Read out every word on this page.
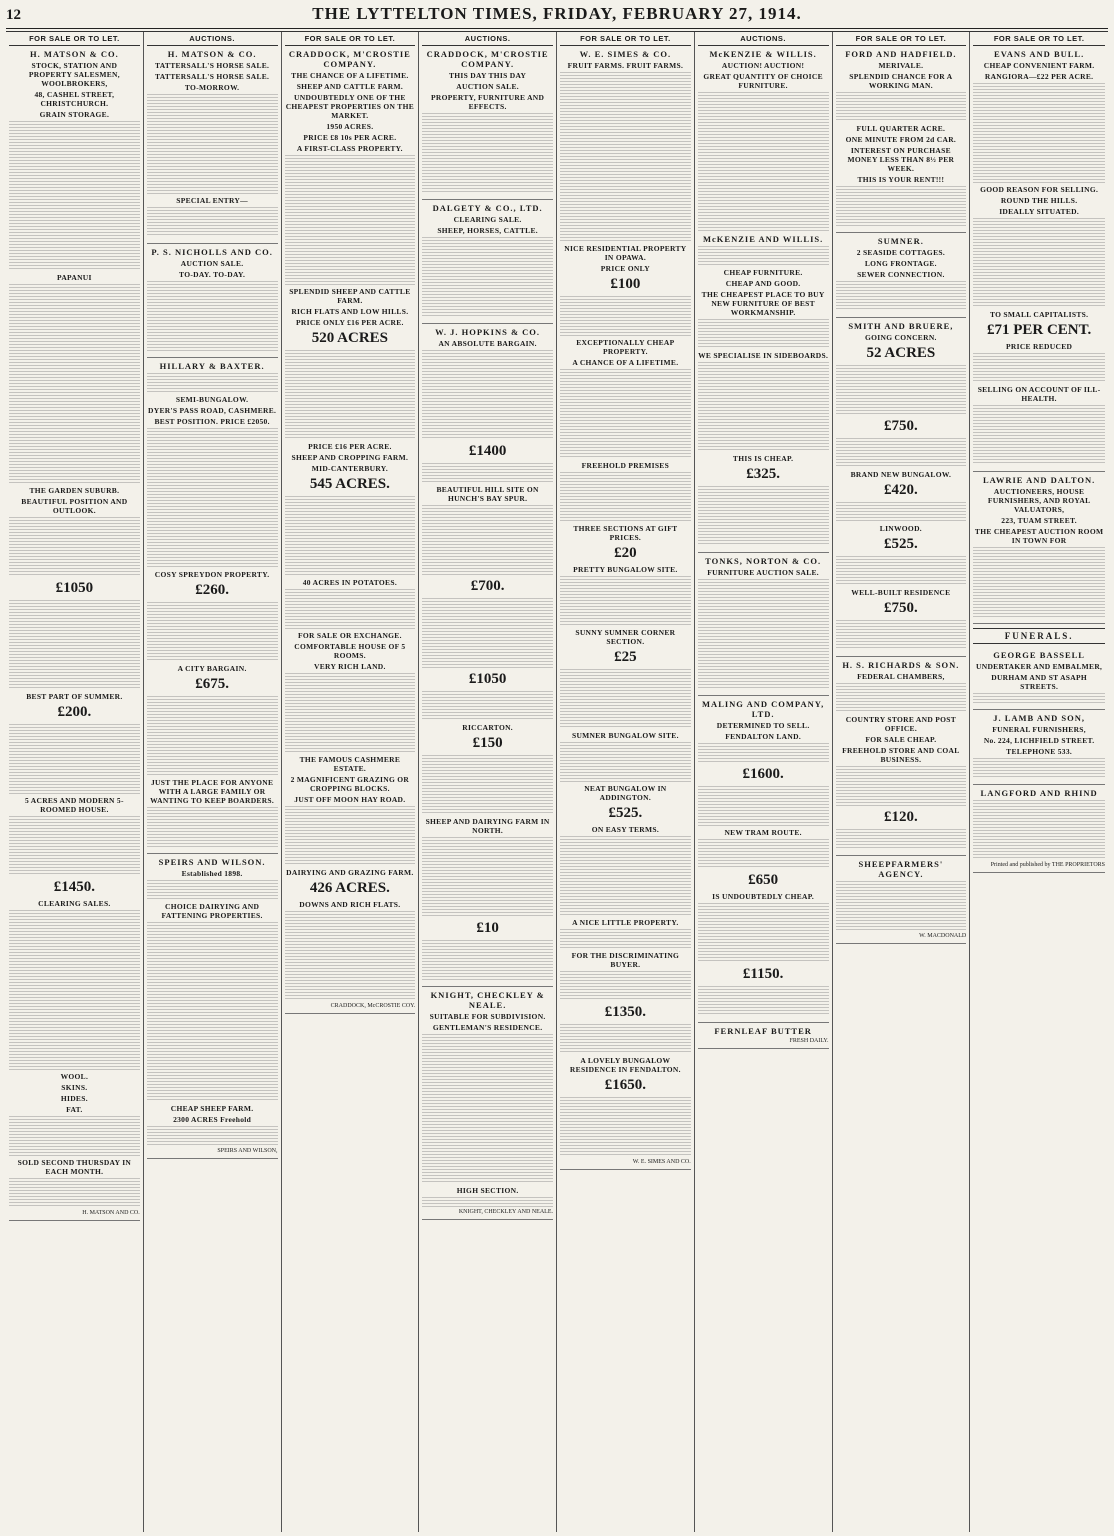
12	THE LYTTELTON TIMES, FRIDAY, FEBRUARY 27, 1914.
FOR SALE OR TO LET.
H. MATSON & CO.
STOCK, STATION AND PROPERTY SALESMEN, WOOLBROKERS,
48, CASHEL STREET, CHRISTCHURCH.
GRAIN STORAGE.
PAPANUI
THE GARDEN SUBURB.
BEAUTIFUL POSITION AND OUTLOOK.
£1050
BEST PART OF SUMMER.
£200.
5 ACRES AND MODERN 5-ROOMED HOUSE.
£1450.
CLEARING SALES.
WOOL.
SKINS.
HIDES.
FAT.
SOLD SECOND THURSDAY IN EACH MONTH.
H. MATSON AND CO.
AUCTIONS.
H. MATSON & CO.
TATTERSALL'S HORSE SALE.
TATTERSALL'S HORSE SALE.
TO-MORROW.
SPECIAL ENTRY—
P. S. NICHOLLS AND CO.
AUCTION SALE.
TO-DAY. TO-DAY.
HILLARY & BAXTER.
SEMI-BUNGALOW.
DYER'S PASS ROAD, CASHMERE.
BEST POSITION. PRICE £2050.
COSY SPREYDON PROPERTY.
£260.
A CITY BARGAIN.
£675.
JUST THE PLACE FOR ANYONE WITH A LARGE FAMILY OR WANTING TO KEEP BOARDERS.
SPEIRS AND WILSON.
Established 1898.
CHOICE DAIRYING AND FATTENING PROPERTIES.
CHEAP SHEEP FARM.
2300 ACRES Freehold
SPEIRS AND WILSON,
FOR SALE OR TO LET.
CRADDOCK, M'CROSTIE COMPANY.
THE CHANCE OF A LIFETIME.
SHEEP AND CATTLE FARM.
UNDOUBTEDLY ONE OF THE CHEAPEST PROPERTIES ON THE MARKET.
1950 ACRES.
PRICE £8 10s PER ACRE.
A FIRST-CLASS PROPERTY.
SPLENDID SHEEP AND CATTLE FARM.
RICH FLATS AND LOW HILLS.
PRICE ONLY £16 PER ACRE.
520 ACRES
PRICE £16 PER ACRE.
SHEEP AND CROPPING FARM.
MID-CANTERBURY.
545 ACRES.
40 ACRES IN POTATOES.
FOR SALE OR EXCHANGE.
COMFORTABLE HOUSE OF 5 ROOMS.
VERY RICH LAND.
THE FAMOUS CASHMERE ESTATE.
2 MAGNIFICENT GRAZING OR CROPPING BLOCKS.
JUST OFF MOON HAY ROAD.
DAIRYING AND GRAZING FARM.
426 ACRES.
DOWNS AND RICH FLATS.
CRADDOCK, McCROSTIE COY.
AUCTIONS.
CRADDOCK, M'CROSTIE COMPANY.
THIS DAY THIS DAY
AUCTION SALE.
PROPERTY, FURNITURE AND EFFECTS.
DALGETY & CO., LTD.
CLEARING SALE.
SHEEP, HORSES, CATTLE.
W. J. HOPKINS & CO.
AN ABSOLUTE BARGAIN.
£1400
BEAUTIFUL HILL SITE ON HUNCH'S BAY SPUR.
£700.
£1050
RICCARTON.
£150
SHEEP AND DAIRYING FARM IN NORTH.
£10
KNIGHT, CHECKLEY & NEALE.
SUITABLE FOR SUBDIVISION.
GENTLEMAN'S RESIDENCE.
HIGH SECTION.
KNIGHT, CHECKLEY AND NEALE.
FOR SALE OR TO LET.
W. E. SIMES & CO.
FRUIT FARMS. FRUIT FARMS.
NICE RESIDENTIAL PROPERTY IN OPAWA.
PRICE ONLY
£100
EXCEPTIONALLY CHEAP PROPERTY.
A CHANCE OF A LIFETIME.
FREEHOLD PREMISES
THREE SECTIONS AT GIFT PRICES.
£20
PRETTY BUNGALOW SITE.
SUNNY SUMNER CORNER SECTION.
£25
SUMNER BUNGALOW SITE.
NEAT BUNGALOW IN ADDINGTON.
£525.
ON EASY TERMS.
A NICE LITTLE PROPERTY.
FOR THE DISCRIMINATING BUYER.
£1350.
A LOVELY BUNGALOW RESIDENCE IN FENDALTON.
£1650.
W. E. SIMES AND CO.
AUCTIONS.
McKENZIE & WILLIS.
AUCTION! AUCTION!
GREAT QUANTITY OF CHOICE FURNITURE.
McKENZIE AND WILLIS.
CHEAP FURNITURE.
CHEAP AND GOOD.
THE CHEAPEST PLACE TO BUY NEW FURNITURE OF BEST WORKMANSHIP.
WE SPECIALISE IN SIDEBOARDS.
THIS IS CHEAP.
£325.
TONKS, NORTON & CO.
FURNITURE AUCTION SALE.
MALING AND COMPANY, LTD.
DETERMINED TO SELL.
FENDALTON LAND.
£1600.
NEW TRAM ROUTE.
£650
IS UNDOUBTEDLY CHEAP.
£1150.
FERNLEAF BUTTER
FRESH DAILY.
FOR SALE OR TO LET.
FORD AND HADFIELD.
MERIVALE.
SPLENDID CHANCE FOR A WORKING MAN.
FULL QUARTER ACRE.
ONE MINUTE FROM 2d CAR.
INTEREST ON PURCHASE MONEY LESS THAN 8½ PER WEEK.
THIS IS YOUR RENT!!!
SUMNER.
2 SEASIDE COTTAGES.
LONG FRONTAGE.
SEWER CONNECTION.
SMITH AND BRUERE,
GOING CONCERN.
52 ACRES
£750.
BRAND NEW BUNGALOW.
£420.
LINWOOD.
£525.
WELL-BUILT RESIDENCE
£750.
H. S. RICHARDS & SON.
FEDERAL CHAMBERS,
COUNTRY STORE AND POST OFFICE.
FOR SALE CHEAP.
FREEHOLD STORE AND COAL BUSINESS.
£120.
SHEEPFARMERS' AGENCY.
W. MACDONALD
FOR SALE OR TO LET.
EVANS AND BULL.
CHEAP CONVENIENT FARM.
RANGIORA—£22 PER ACRE.
GOOD REASON FOR SELLING.
ROUND THE HILLS.
IDEALLY SITUATED.
TO SMALL CAPITALISTS.
£71 PER CENT.
PRICE REDUCED
SELLING ON ACCOUNT OF ILL-HEALTH.
LAWRIE AND DALTON.
AUCTIONEERS, HOUSE FURNISHERS, AND ROYAL VALUATORS,
223, TUAM STREET.
THE CHEAPEST AUCTION ROOM IN TOWN FOR
FUNERALS.
GEORGE BASSELL
UNDERTAKER AND EMBALMER,
DURHAM AND ST ASAPH STREETS.
J. LAMB AND SON,
FUNERAL FURNISHERS,
No. 224, LICHFIELD STREET.
TELEPHONE 533.
LANGFORD AND RHIND
Printed and published by THE PROPRIETORS
